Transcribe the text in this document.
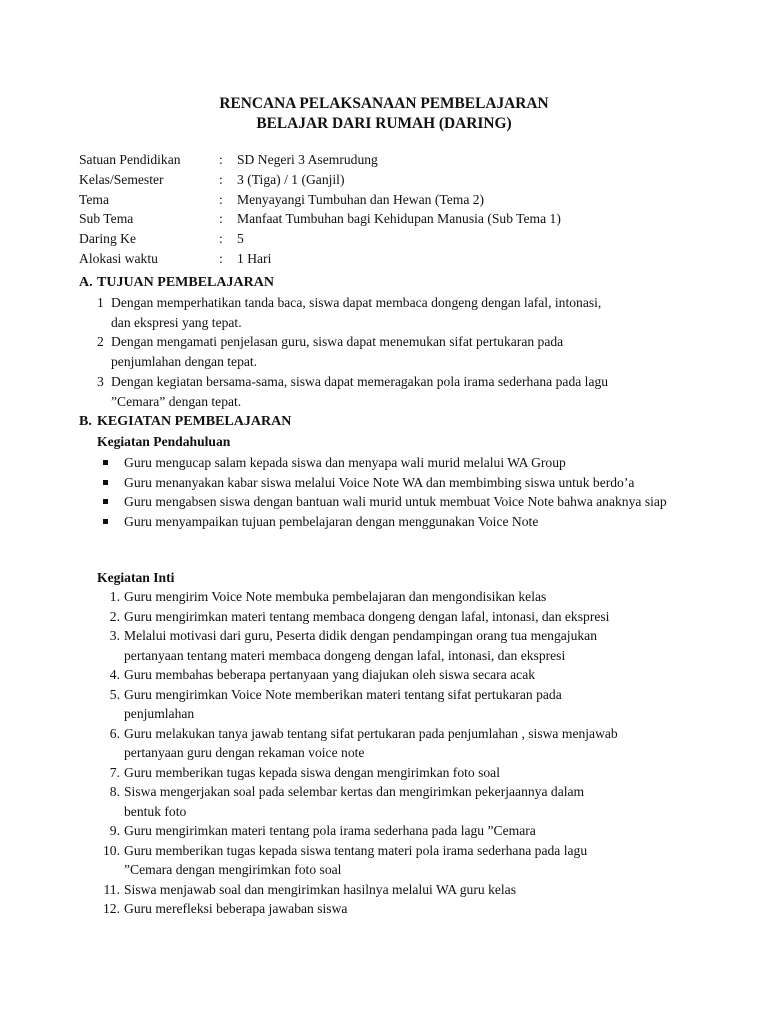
RENCANA PELAKSANAAN PEMBELAJARAN
BELAJAR DARI RUMAH (DARING)
Satuan Pendidikan	: SD Negeri 3 Asemrudung
Kelas/Semester	: 3 (Tiga) / 1 (Ganjil)
Tema	: Menyayangi Tumbuhan dan Hewan (Tema 2)
Sub Tema	: Manfaat Tumbuhan bagi Kehidupan Manusia (Sub Tema 1)
Daring Ke	: 5
Alokasi waktu	: 1 Hari
A. TUJUAN PEMBELAJARAN
1 Dengan memperhatikan tanda baca, siswa dapat membaca dongeng dengan lafal, intonasi,
dan ekspresi yang tepat.
2 Dengan mengamati penjelasan guru, siswa dapat menemukan sifat pertukaran pada
penjumlahan dengan tepat.
3 Dengan kegiatan bersama-sama, siswa dapat memeragakan pola irama sederhana pada lagu
”Cemara” dengan tepat.
B. KEGIATAN PEMBELAJARAN
Kegiatan Pendahuluan
Guru mengucap salam kepada siswa dan menyapa wali murid melalui WA Group
Guru menanyakan kabar siswa melalui Voice Note WA dan membimbing siswa untuk berdo’a
Guru mengabsen siswa dengan bantuan wali murid untuk membuat Voice Note bahwa anaknya siap
Guru menyampaikan tujuan pembelajaran dengan menggunakan Voice Note
Kegiatan Inti
1. Guru mengirim Voice Note membuka pembelajaran dan mengondisikan kelas
2. Guru mengirimkan materi tentang membaca dongeng dengan lafal, intonasi, dan ekspresi
3. Melalui motivasi dari guru, Peserta didik dengan pendampingan orang tua mengajukan
pertanyaan tentang materi membaca dongeng dengan lafal, intonasi, dan ekspresi
4. Guru membahas beberapa pertanyaan yang diajukan oleh siswa secara acak
5. Guru mengirimkan Voice Note memberikan materi tentang sifat pertukaran pada
penjumlahan
6. Guru melakukan tanya jawab tentang sifat pertukaran pada penjumlahan , siswa menjawab
pertanyaan guru dengan rekaman voice note
7. Guru memberikan tugas kepada siswa dengan mengirimkan foto soal
8. Siswa mengerjakan soal pada selembar kertas dan mengirimkan pekerjaannya dalam
bentuk foto
9. Guru mengirimkan materi tentang pola irama sederhana pada lagu ”Cemara
10. Guru memberikan tugas kepada siswa tentang materi pola irama sederhana pada lagu
”Cemara dengan mengirimkan foto soal
11. Siswa menjawab soal dan mengirimkan hasilnya melalui WA guru kelas
12. Guru merefleksi beberapa jawaban siswa
